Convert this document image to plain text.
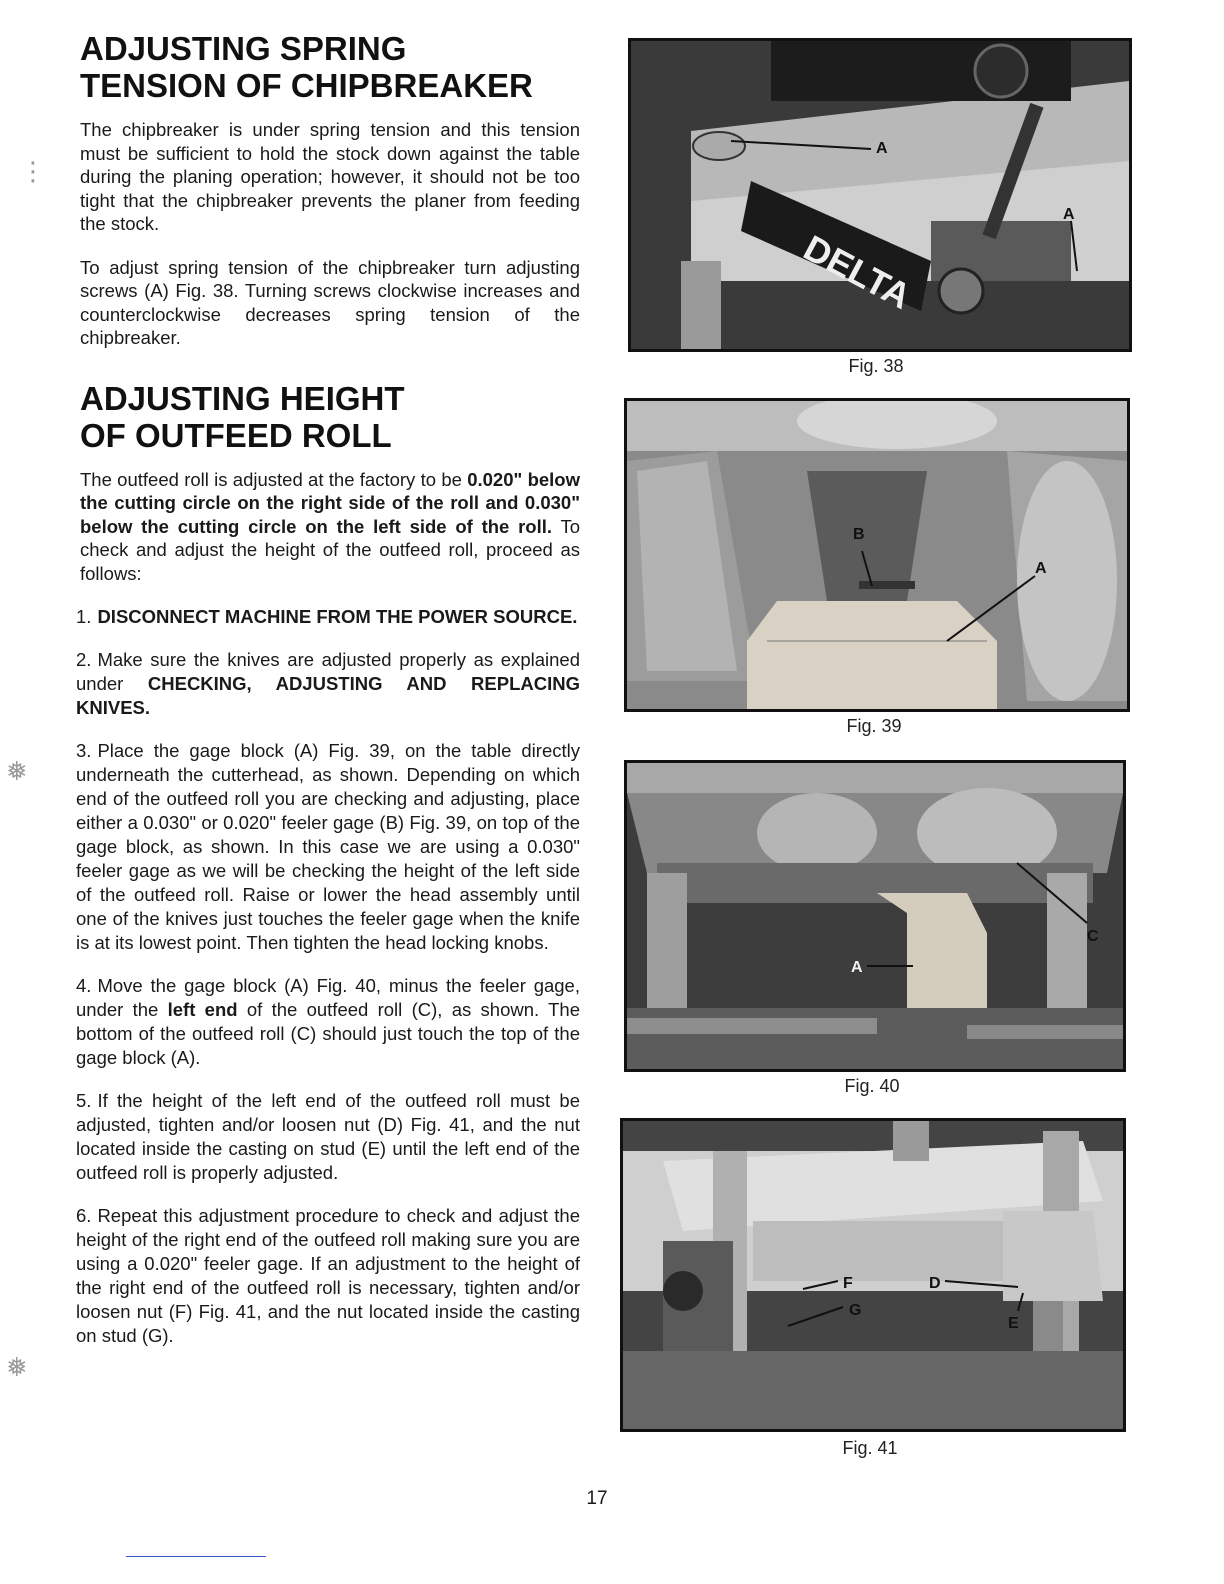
ADJUSTING SPRING
TENSION OF CHIPBREAKER

The chipbreaker is under spring tension and this tension must be sufficient to hold the stock down against the table during the planing operation; however, it should not be too tight that the chipbreaker prevents the planer from feeding the stock.

To adjust spring tension of the chipbreaker turn adjusting screws (A) Fig. 38. Turning screws clockwise increases and counterclockwise decreases spring tension of the chipbreaker.

ADJUSTING HEIGHT
OF OUTFEED ROLL

The outfeed roll is adjusted at the factory to be 0.020" below the cutting circle on the right side of the roll and 0.030" below the cutting circle on the left side of the roll. To check and adjust the height of the outfeed roll, proceed as follows:

1. DISCONNECT MACHINE FROM THE POWER SOURCE.
2. Make sure the knives are adjusted properly as explained under CHECKING, ADJUSTING AND REPLACING KNIVES.
3. Place the gage block (A) Fig. 39, on the table directly underneath the cutterhead, as shown. Depending on which end of the outfeed roll you are checking and adjusting, place either a 0.030" or 0.020" feeler gage (B) Fig. 39, on top of the gage block, as shown. In this case we are using a 0.030" feeler gage as we will be checking the height of the left side of the outfeed roll. Raise or lower the head assembly until one of the knives just touches the feeler gage when the knife is at its lowest point. Then tighten the head locking knobs.
4. Move the gage block (A) Fig. 40, minus the feeler gage, under the left end of the outfeed roll (C), as shown. The bottom of the outfeed roll (C) should just touch the top of the gage block (A).
5. If the height of the left end of the outfeed roll must be adjusted, tighten and/or loosen nut (D) Fig. 41, and the nut located inside the casting on stud (E) until the left end of the outfeed roll is properly adjusted.
6. Repeat this adjustment procedure to check and adjust the height of the right end of the outfeed roll making sure you are using a 0.020" feeler gage. If an adjustment to the height of the right end of the outfeed roll is necessary, tighten and/or loosen nut (F) Fig. 41, and the nut located inside the casting on stud (G).
DELTA
A
A
Fig. 38
B
A
Fig. 39
A
C
Fig. 40
F
G
D
E
Fig. 41
17
⋮
❅
❅
